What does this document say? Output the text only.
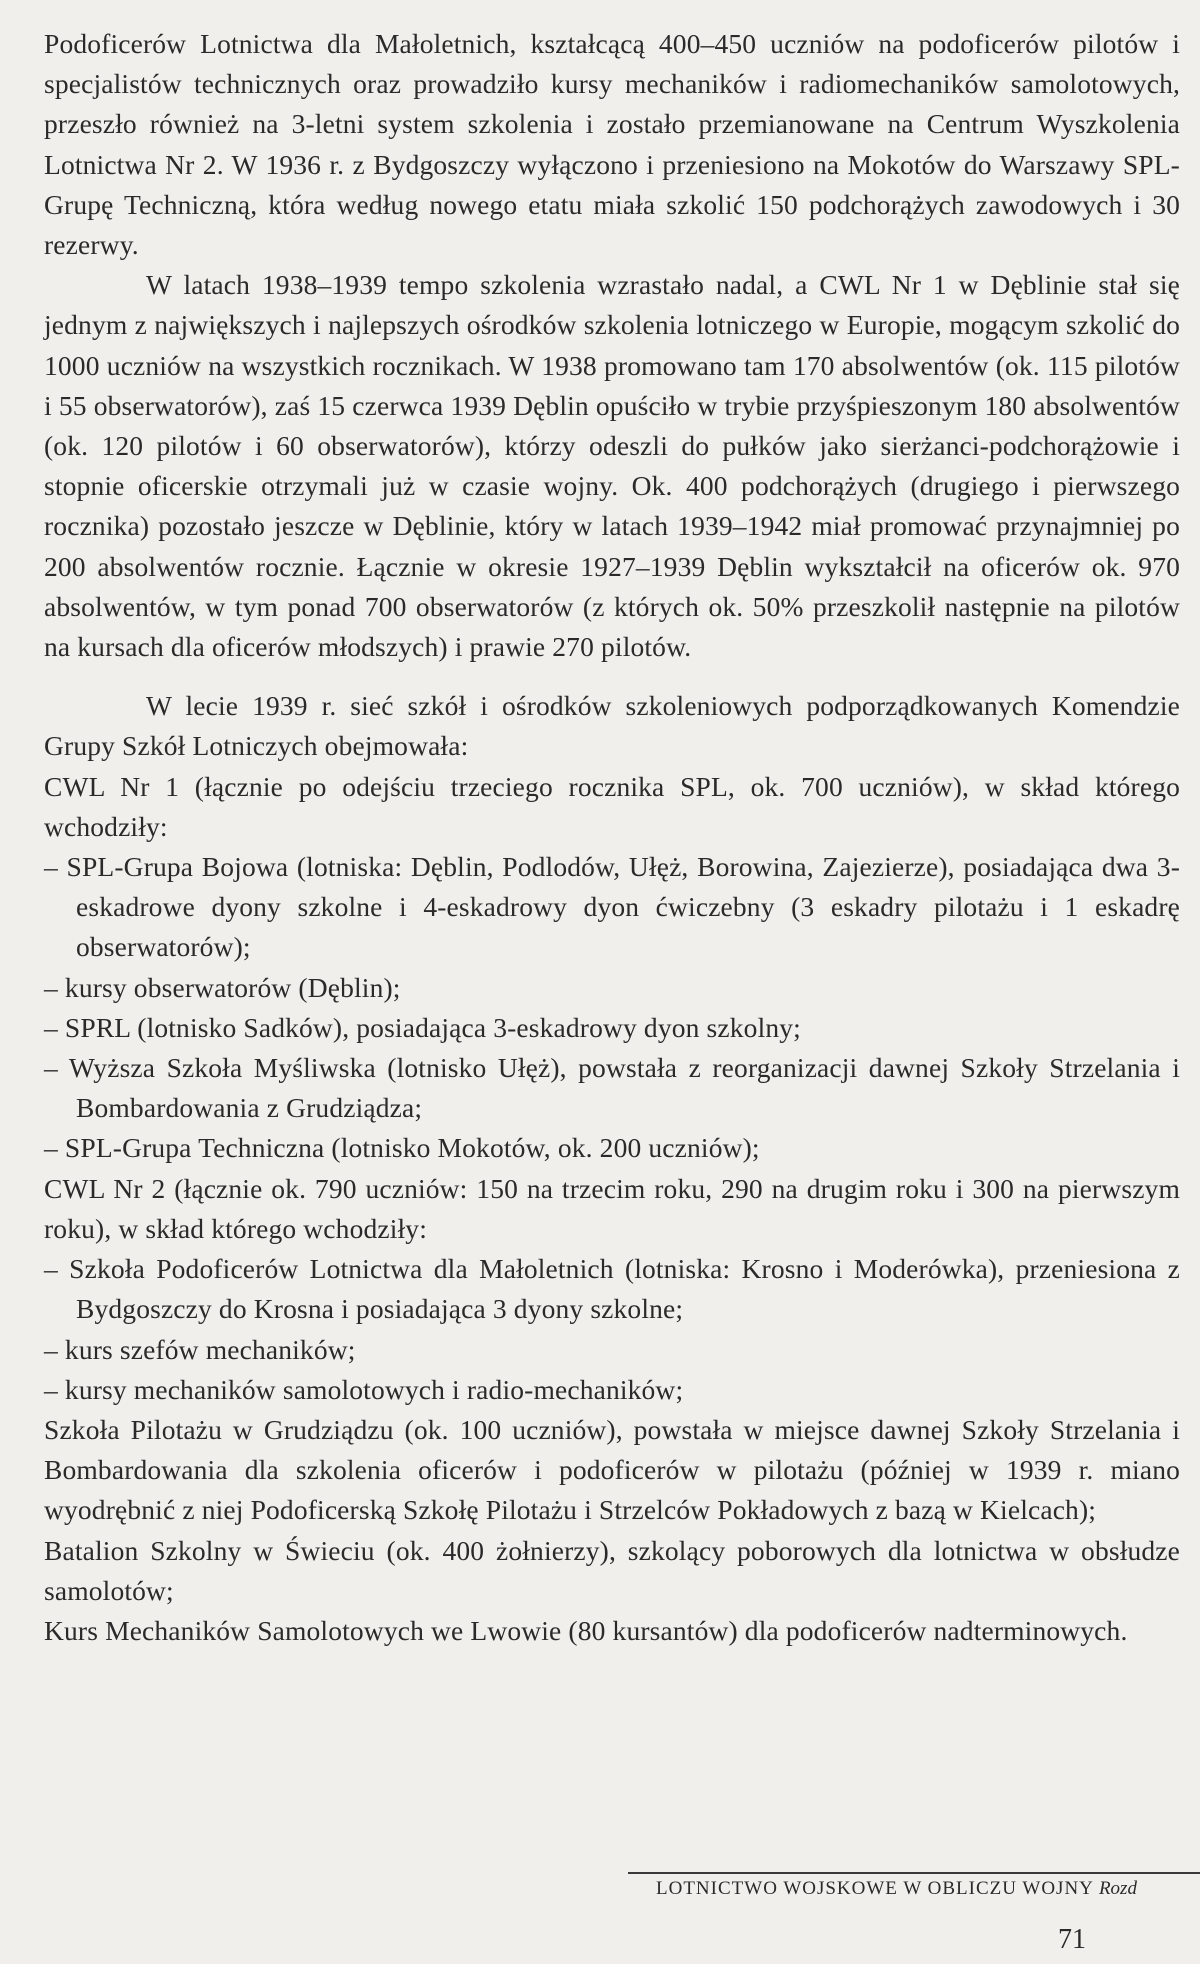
Podoficerów Lotnictwa dla Małoletnich, kształcącą 400–450 uczniów na podoficerów pilotów i specjalistów technicznych oraz prowadziło kursy mechaników i radiomechaników samolotowych, przeszło również na 3-letni system szkolenia i zostało przemianowane na Centrum Wyszkolenia Lotnictwa Nr 2. W 1936 r. z Bydgoszczy wyłączono i przeniesiono na Mokotów do Warszawy SPL-Grupę Techniczną, która według nowego etatu miała szkolić 150 podchorążych zawodowych i 30 rezerwy.

W latach 1938–1939 tempo szkolenia wzrastało nadal, a CWL Nr 1 w Dęblinie stał się jednym z największych i najlepszych ośrodków szkolenia lotniczego w Europie, mogącym szkolić do 1000 uczniów na wszystkich rocznikach. W 1938 promowano tam 170 absolwentów (ok. 115 pilotów i 55 obserwatorów), zaś 15 czerwca 1939 Dęblin opuściło w trybie przyśpieszonym 180 absolwentów (ok. 120 pilotów i 60 obserwatorów), którzy odeszli do pułków jako sierżanci-podchorążowie i stopnie oficerskie otrzymali już w czasie wojny. Ok. 400 podchorążych (drugiego i pierwszego rocznika) pozostało jeszcze w Dęblinie, który w latach 1939–1942 miał promować przynajmniej po 200 absolwentów rocznie. Łącznie w okresie 1927–1939 Dęblin wykształcił na oficerów ok. 970 absolwentów, w tym ponad 700 obserwatorów (z których ok. 50% przeszkolił następnie na pilotów na kursach dla oficerów młodszych) i prawie 270 pilotów.

W lecie 1939 r. sieć szkół i ośrodków szkoleniowych podporządkowanych Komendzie Grupy Szkół Lotniczych obejmowała:

CWL Nr 1 (łącznie po odejściu trzeciego rocznika SPL, ok. 700 uczniów), w skład którego wchodziły:

– SPL-Grupa Bojowa (lotniska: Dęblin, Podlodów, Ułęż, Borowina, Zajezierze), posiadająca dwa 3-eskadrowe dyony szkolne i 4-eskadrowy dyon ćwiczebny (3 eskadry pilotażu i 1 eskadrę obserwatorów);

– kursy obserwatorów (Dęblin);

– SPRL (lotnisko Sadków), posiadająca 3-eskadrowy dyon szkolny;

– Wyższa Szkoła Myśliwska (lotnisko Ułęż), powstała z reorganizacji dawnej Szkoły Strzelania i Bombardowania z Grudziądza;

– SPL-Grupa Techniczna (lotnisko Mokotów, ok. 200 uczniów);

CWL Nr 2 (łącznie ok. 790 uczniów: 150 na trzecim roku, 290 na drugim roku i 300 na pierwszym roku), w skład którego wchodziły:

– Szkoła Podoficerów Lotnictwa dla Małoletnich (lotniska: Krosno i Moderówka), przeniesiona z Bydgoszczy do Krosna i posiadająca 3 dyony szkolne;

– kurs szefów mechaników;

– kursy mechaników samolotowych i radio-mechaników;

Szkoła Pilotażu w Grudziądzu (ok. 100 uczniów), powstała w miejsce dawnej Szkoły Strzelania i Bombardowania dla szkolenia oficerów i podoficerów w pilotażu (później w 1939 r. miano wyodrębnić z niej Podoficerską Szkołę Pilotażu i Strzelców Pokładowych z bazą w Kielcach);

Batalion Szkolny w Świeciu (ok. 400 żołnierzy), szkolący poborowych dla lotnictwa w obsłudze samolotów;

Kurs Mechaników Samolotowych we Lwowie (80 kursantów) dla podoficerów nadterminowych.

LOTNICTWO WOJSKOWE W OBLICZU WOJNY Rozd
71
